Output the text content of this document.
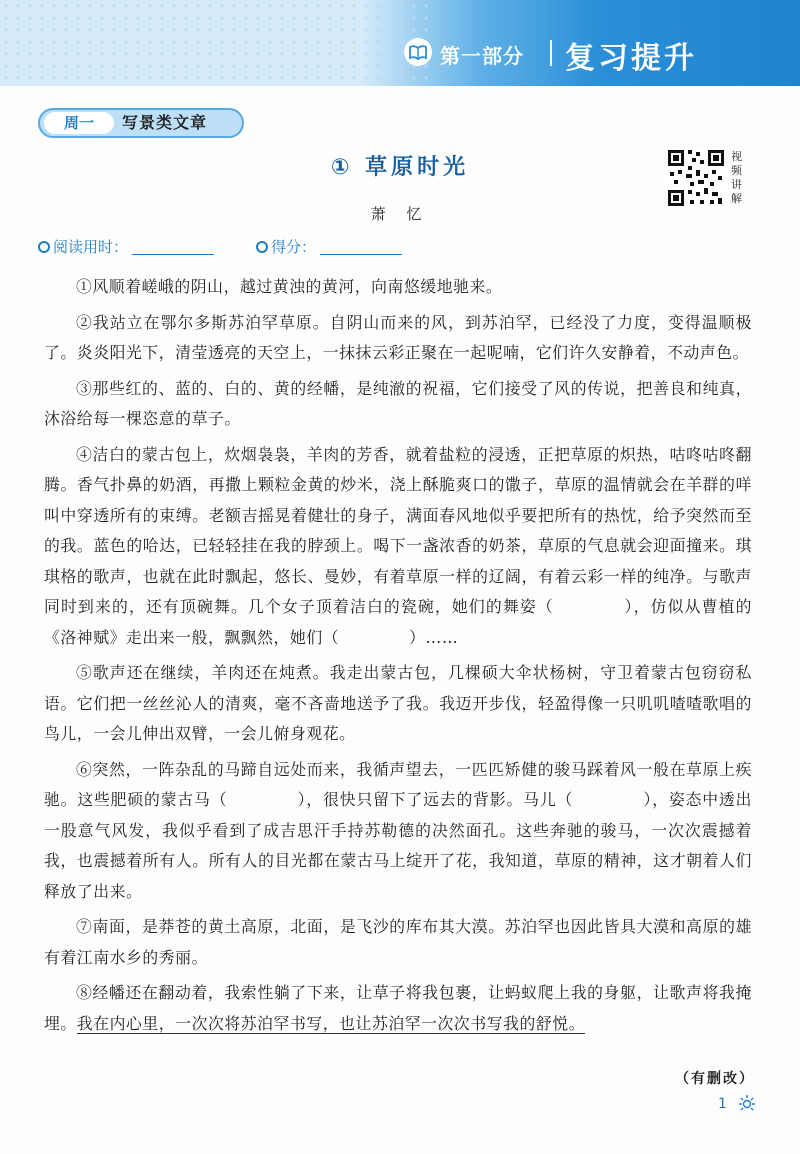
第一部分 复习提升
周一	写景类文章
① 草原时光	视
频
讲
解
萧 忆
阅读用时：	得分：

①风顺着嵯峨的阴山，越过黄浊的黄河，向南悠缓地驰来。

②我站立在鄂尔多斯苏泊罕草原。自阴山而来的风，到苏泊罕，已经没了力度，变得温顺极了。炎炎阳光下，清莹透亮的天空上，一抹抹云彩正聚在一起呢喃，它们许久安静着，不动声色。

③那些红的、蓝的、白的、黄的经幡，是纯澈的祝福，它们接受了风的传说，把善良和纯真，沐浴给每一棵恣意的草子。

④洁白的蒙古包上，炊烟袅袅，羊肉的芳香，就着盐粒的浸透，正把草原的炽热，咕咚咕咚翻腾。香气扑鼻的奶酒，再撒上颗粒金黄的炒米，浇上酥脆爽口的馓子，草原的温情就会在羊群的咩叫中穿透所有的束缚。老额吉摇晃着健壮的身子，满面春风地似乎要把所有的热忱，给予突然而至的我。蓝色的哈达，已轻轻挂在我的脖颈上。喝下一盏浓香的奶茶，草原的气息就会迎面撞来。琪琪格的歌声，也就在此时飘起，悠长、曼妙，有着草原一样的辽阔，有着云彩一样的纯净。与歌声同时到来的，还有顶碗舞。几个女子顶着洁白的瓷碗，她们的舞姿（	），仿似从曹植的《洛神赋》走出来一般，飘飘然，她们（	）……

⑤歌声还在继续，羊肉还在炖煮。我走出蒙古包，几棵硕大伞状杨树，守卫着蒙古包窃窃私语。它们把一丝丝沁人的清爽，毫不吝啬地送予了我。我迈开步伐，轻盈得像一只叽叽喳喳歌唱的鸟儿，一会儿伸出双臂，一会儿俯身观花。

⑥突然，一阵杂乱的马蹄自远处而来，我循声望去，一匹匹矫健的骏马踩着风一般在草原上疾驰。这些肥硕的蒙古马（	），很快只留下了远去的背影。马儿（	），姿态中透出一股意气风发，我似乎看到了成吉思汗手持苏勒德的决然面孔。这些奔驰的骏马，一次次震撼着我，也震撼着所有人。所有人的目光都在蒙古马上绽开了花，我知道，草原的精神，这才朝着人们释放了出来。

⑦南面，是莽苍的黄土高原，北面，是飞沙的库布其大漠。苏泊罕也因此皆具大漠和高原的雄有着江南水乡的秀丽。

⑧经幡还在翻动着，我索性躺了下来，让草子将我包裹，让蚂蚁爬上我的身躯，让歌声将我掩埋。我在内心里，一次次将苏泊罕书写，也让苏泊罕一次次书写我的舒悦。

（有删改）
1
